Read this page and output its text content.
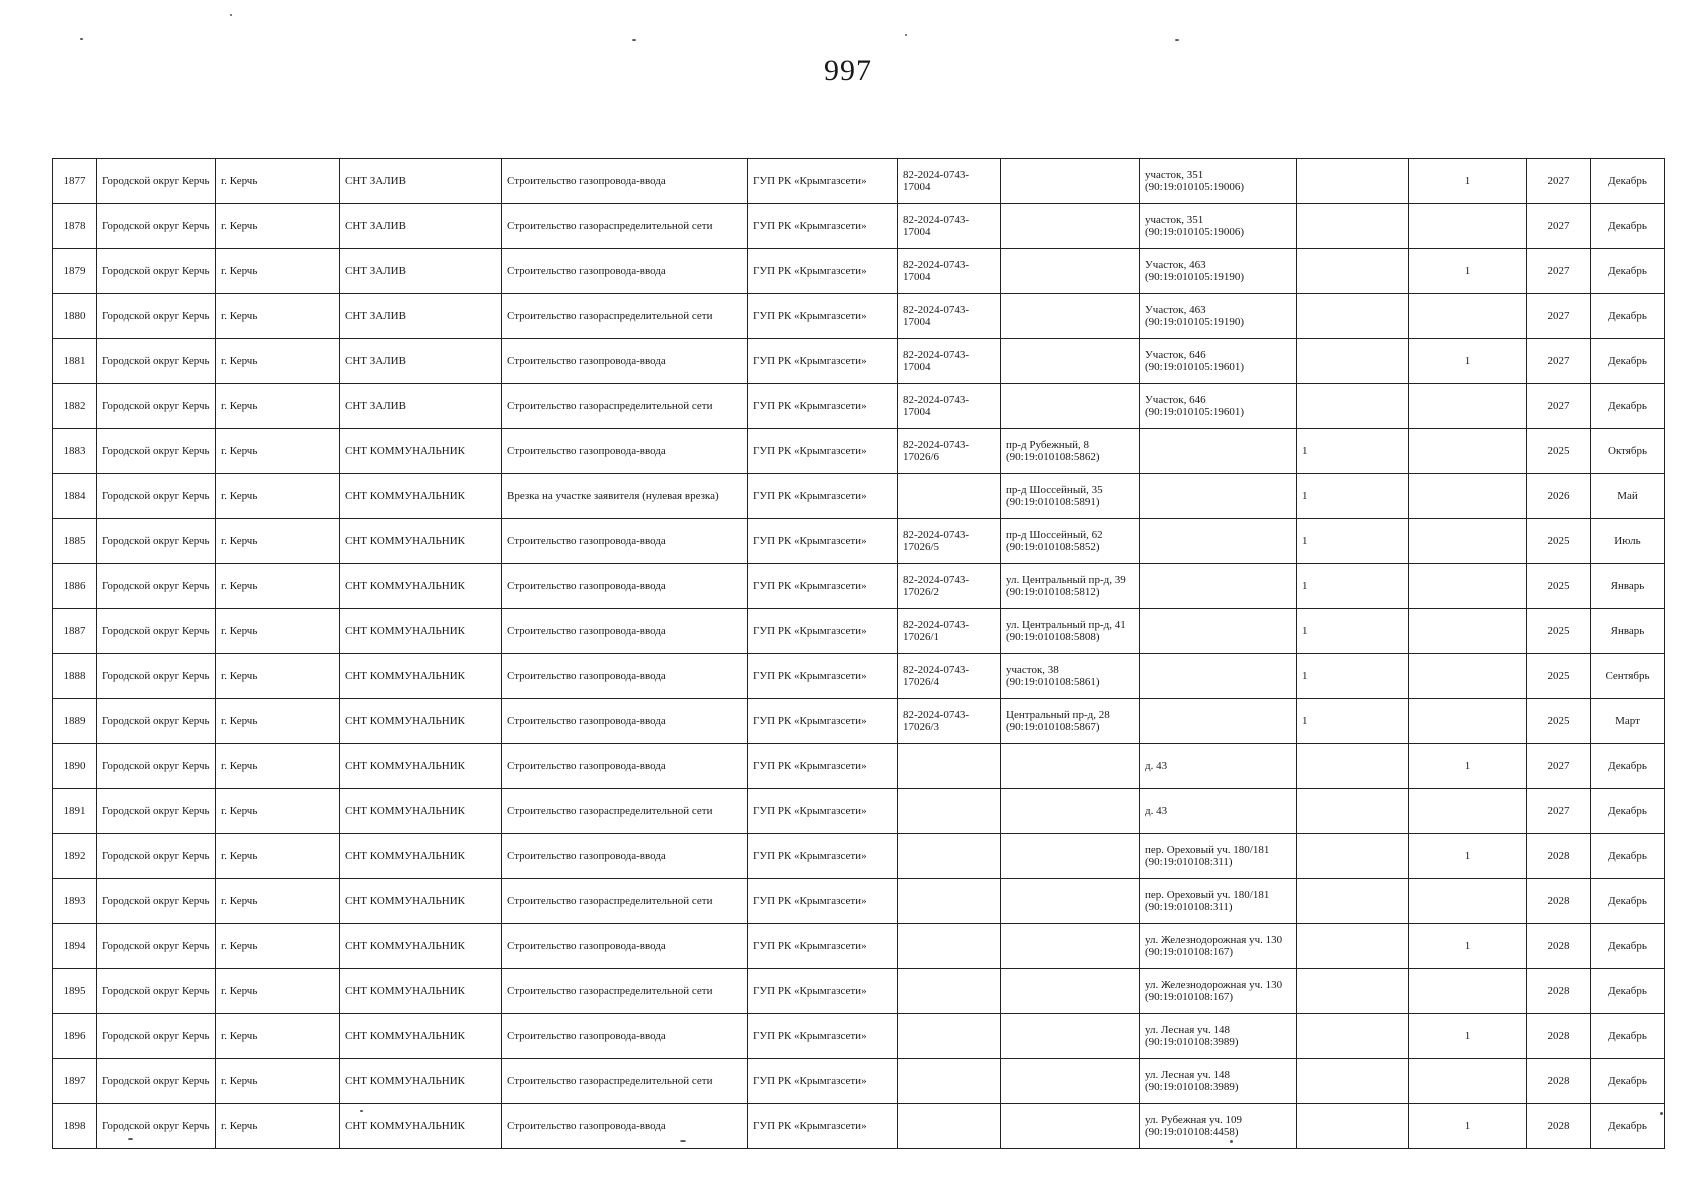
997
1877	Городской округ Керчь	г. Керчь	СНТ ЗАЛИВ	Строительство газопровода-ввода	ГУП РК «Крымгазсети»	82-2024-0743-17004		участок, 351 (90:19:010105:19006)		1	2027	Декабрь
1878	Городской округ Керчь	г. Керчь	СНТ ЗАЛИВ	Строительство газораспределительной сети	ГУП РК «Крымгазсети»	82-2024-0743-17004		участок, 351 (90:19:010105:19006)			2027	Декабрь
1879	Городской округ Керчь	г. Керчь	СНТ ЗАЛИВ	Строительство газопровода-ввода	ГУП РК «Крымгазсети»	82-2024-0743-17004		Участок, 463 (90:19:010105:19190)		1	2027	Декабрь
1880	Городской округ Керчь	г. Керчь	СНТ ЗАЛИВ	Строительство газораспределительной сети	ГУП РК «Крымгазсети»	82-2024-0743-17004		Участок, 463 (90:19:010105:19190)			2027	Декабрь
1881	Городской округ Керчь	г. Керчь	СНТ ЗАЛИВ	Строительство газопровода-ввода	ГУП РК «Крымгазсети»	82-2024-0743-17004		Участок, 646 (90:19:010105:19601)		1	2027	Декабрь
1882	Городской округ Керчь	г. Керчь	СНТ ЗАЛИВ	Строительство газораспределительной сети	ГУП РК «Крымгазсети»	82-2024-0743-17004		Участок, 646 (90:19:010105:19601)			2027	Декабрь
1883	Городской округ Керчь	г. Керчь	СНТ КОММУНАЛЬНИК	Строительство газопровода-ввода	ГУП РК «Крымгазсети»	82-2024-0743-17026/6	пр-д Рубежный, 8 (90:19:010108:5862)		1		2025	Октябрь
1884	Городской округ Керчь	г. Керчь	СНТ КОММУНАЛЬНИК	Врезка на участке заявителя (нулевая врезка)	ГУП РК «Крымгазсети»		пр-д Шоссейный, 35 (90:19:010108:5891)		1		2026	Май
1885	Городской округ Керчь	г. Керчь	СНТ КОММУНАЛЬНИК	Строительство газопровода-ввода	ГУП РК «Крымгазсети»	82-2024-0743-17026/5	пр-д Шоссейный, 62 (90:19:010108:5852)		1		2025	Июль
1886	Городской округ Керчь	г. Керчь	СНТ КОММУНАЛЬНИК	Строительство газопровода-ввода	ГУП РК «Крымгазсети»	82-2024-0743-17026/2	ул. Центральный пр-д, 39 (90:19:010108:5812)		1		2025	Январь
1887	Городской округ Керчь	г. Керчь	СНТ КОММУНАЛЬНИК	Строительство газопровода-ввода	ГУП РК «Крымгазсети»	82-2024-0743-17026/1	ул. Центральный пр-д, 41 (90:19:010108:5808)		1		2025	Январь
1888	Городской округ Керчь	г. Керчь	СНТ КОММУНАЛЬНИК	Строительство газопровода-ввода	ГУП РК «Крымгазсети»	82-2024-0743-17026/4	участок, 38 (90:19:010108:5861)		1		2025	Сентябрь
1889	Городской округ Керчь	г. Керчь	СНТ КОММУНАЛЬНИК	Строительство газопровода-ввода	ГУП РК «Крымгазсети»	82-2024-0743-17026/3	Центральный пр-д, 28 (90:19:010108:5867)		1		2025	Март
1890	Городской округ Керчь	г. Керчь	СНТ КОММУНАЛЬНИК	Строительство газопровода-ввода	ГУП РК «Крымгазсети»			д. 43		1	2027	Декабрь
1891	Городской округ Керчь	г. Керчь	СНТ КОММУНАЛЬНИК	Строительство газораспределительной сети	ГУП РК «Крымгазсети»			д. 43			2027	Декабрь
1892	Городской округ Керчь	г. Керчь	СНТ КОММУНАЛЬНИК	Строительство газопровода-ввода	ГУП РК «Крымгазсети»			пер. Ореховый уч. 180/181 (90:19:010108:311)		1	2028	Декабрь
1893	Городской округ Керчь	г. Керчь	СНТ КОММУНАЛЬНИК	Строительство газораспределительной сети	ГУП РК «Крымгазсети»			пер. Ореховый уч. 180/181 (90:19:010108:311)			2028	Декабрь
1894	Городской округ Керчь	г. Керчь	СНТ КОММУНАЛЬНИК	Строительство газопровода-ввода	ГУП РК «Крымгазсети»			ул. Железнодорожная уч. 130 (90:19:010108:167)		1	2028	Декабрь
1895	Городской округ Керчь	г. Керчь	СНТ КОММУНАЛЬНИК	Строительство газораспределительной сети	ГУП РК «Крымгазсети»			ул. Железнодорожная уч. 130 (90:19:010108:167)			2028	Декабрь
1896	Городской округ Керчь	г. Керчь	СНТ КОММУНАЛЬНИК	Строительство газопровода-ввода	ГУП РК «Крымгазсети»			ул. Лесная уч. 148 (90:19:010108:3989)		1	2028	Декабрь
1897	Городской округ Керчь	г. Керчь	СНТ КОММУНАЛЬНИК	Строительство газораспределительной сети	ГУП РК «Крымгазсети»			ул. Лесная уч. 148 (90:19:010108:3989)			2028	Декабрь
1898	Городской округ Керчь	г. Керчь	СНТ КОММУНАЛЬНИК	Строительство газопровода-ввода	ГУП РК «Крымгазсети»			ул. Рубежная уч. 109 (90:19:010108:4458)		1	2028	Декабрь
